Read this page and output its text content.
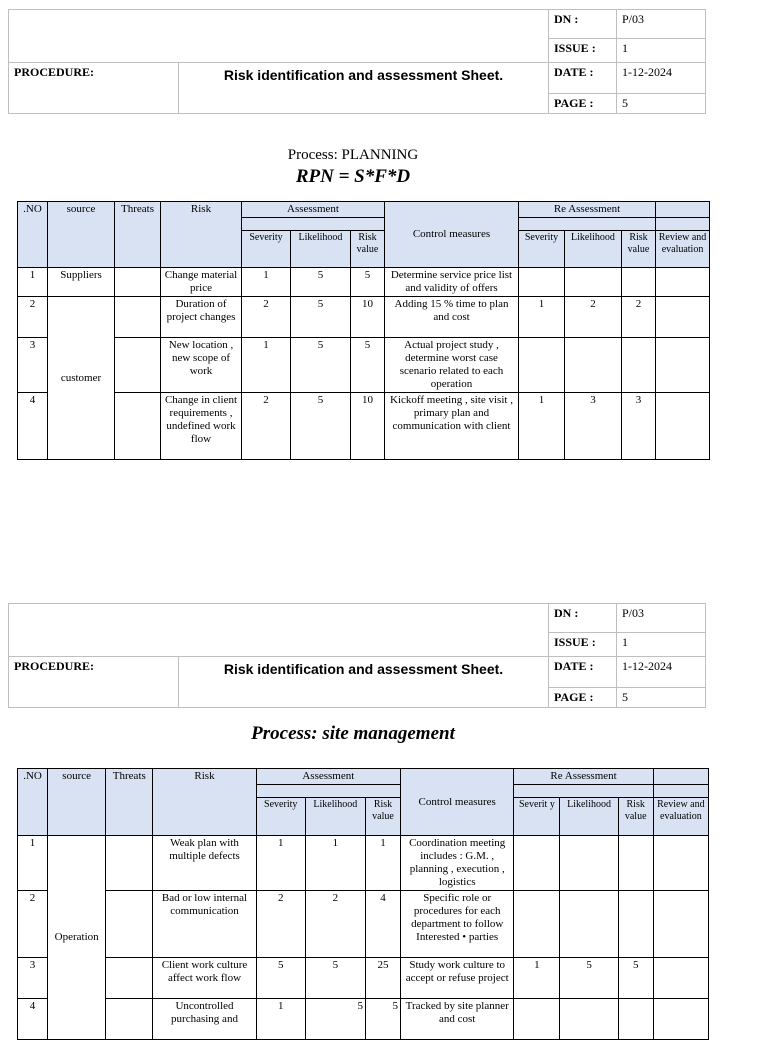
		DN :	P/03
		ISSUE :	1
PROCEDURE:	Risk identification and assessment Sheet.	DATE :	1-12-2024
		PAGE :	5
Process: PLANNING
RPN = S*F*D
.NO	source	Threats	Risk	Assessment			Control measures	Re Assessment			

				Severity	Likelihood	Risk value		Severity	Likelihood	Risk value	Review and evaluation
1	Suppliers		Change material price	1	5	5	Determine service price list and validity of offers				
2	customer		Duration of project changes	2	5	10	Adding 15 % time to plan and cost	1	2	2	
3			New location , new scope of work	1	5	5	Actual project study , determine worst case scenario related to each operation				
4			Change in client requirements , undefined work flow	2	5	10	Kickoff meeting , site visit , primary plan and communication with client	1	3	3	
		DN :	P/03
		ISSUE :	1
PROCEDURE:	Risk identification and assessment Sheet.	DATE :	1-12-2024
		PAGE :	5
Process: site management
.NO	source	Threats	Risk	Assessment			Control measures	Re Assessment			

				Severity	Likelihood	Risk value		Severit y	Likelihood	Risk value	Review and evaluation
1	Operation		Weak plan with multiple defects	1	1	1	Coordination meeting includes : G.M. , planning , execution , logistics				
2			Bad or low internal communication	2	2	4	Specific role or procedures for each department to follow Interested • parties				
3			Client work culture affect work flow	5	5	25	Study work culture to accept or refuse project	1	5	5	
4			Uncontrolled purchasing and	1	5	5	Tracked by site planner and cost				
